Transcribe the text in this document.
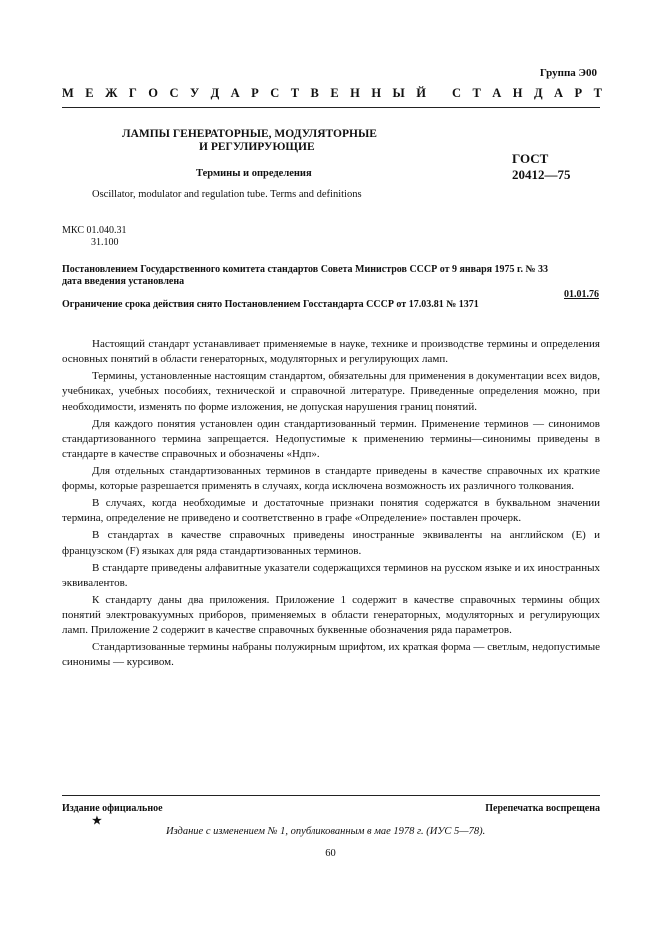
Группа Э00
М Е Ж Г О С У Д А Р С Т В Е Н Н Ы Й
С Т А Н Д А Р Т
ЛАМПЫ ГЕНЕРАТОРНЫЕ, МОДУЛЯТОРНЫЕ
И РЕГУЛИРУЮЩИЕ
Термины и определения
ГОСТ
20412—75
Oscillator, modulator and regulation tube. Terms and definitions
МКС 01.040.31
31.100
Постановлением Государственного комитета стандартов Совета Министров СССР от 9 января 1975 г. № 33
дата введения установлена
01.01.76
Ограничение срока действия снято Постановлением Госстандарта СССР от 17.03.81 № 1371

Настоящий стандарт устанавливает применяемые в науке, технике и производстве термины и определения основных понятий в области генераторных, модуляторных и регулирующих ламп.

Термины, установленные настоящим стандартом, обязательны для применения в документации всех видов, учебниках, учебных пособиях, технической и справочной литературе. Приведенные определения можно, при необходимости, изменять по форме изложения, не допуская нарушения границ понятий.

Для каждого понятия установлен один стандартизованный термин. Применение терминов — синонимов стандартизованного термина запрещается. Недопустимые к применению термины—синонимы приведены в стандарте в качестве справочных и обозначены «Ндп».

Для отдельных стандартизованных терминов в стандарте приведены в качестве справочных их краткие формы, которые разрешается применять в случаях, когда исключена возможность их различного толкования.

В случаях, когда необходимые и достаточные признаки понятия содержатся в буквальном значении термина, определение не приведено и соответственно в графе «Определение» поставлен прочерк.

В стандартах в качестве справочных приведены иностранные эквиваленты на английском (Е) и французском (F) языках для ряда стандартизованных терминов.

В стандарте приведены алфавитные указатели содержащихся терминов на русском языке и их иностранных эквивалентов.

К стандарту даны два приложения. Приложение 1 содержит в качестве справочных термины общих понятий электровакуумных приборов, применяемых в области генераторных, модуляторных и регулирующих ламп. Приложение 2 содержит в качестве справочных буквенные обозначения ряда параметров.

Стандартизованные термины набраны полужирным шрифтом, их краткая форма — светлым, недопустимые синонимы — курсивом.

Издание официальное	Перепечатка воспрещена
★
Издание с изменением № 1, опубликованным в мае 1978 г. (ИУС 5—78).
60
